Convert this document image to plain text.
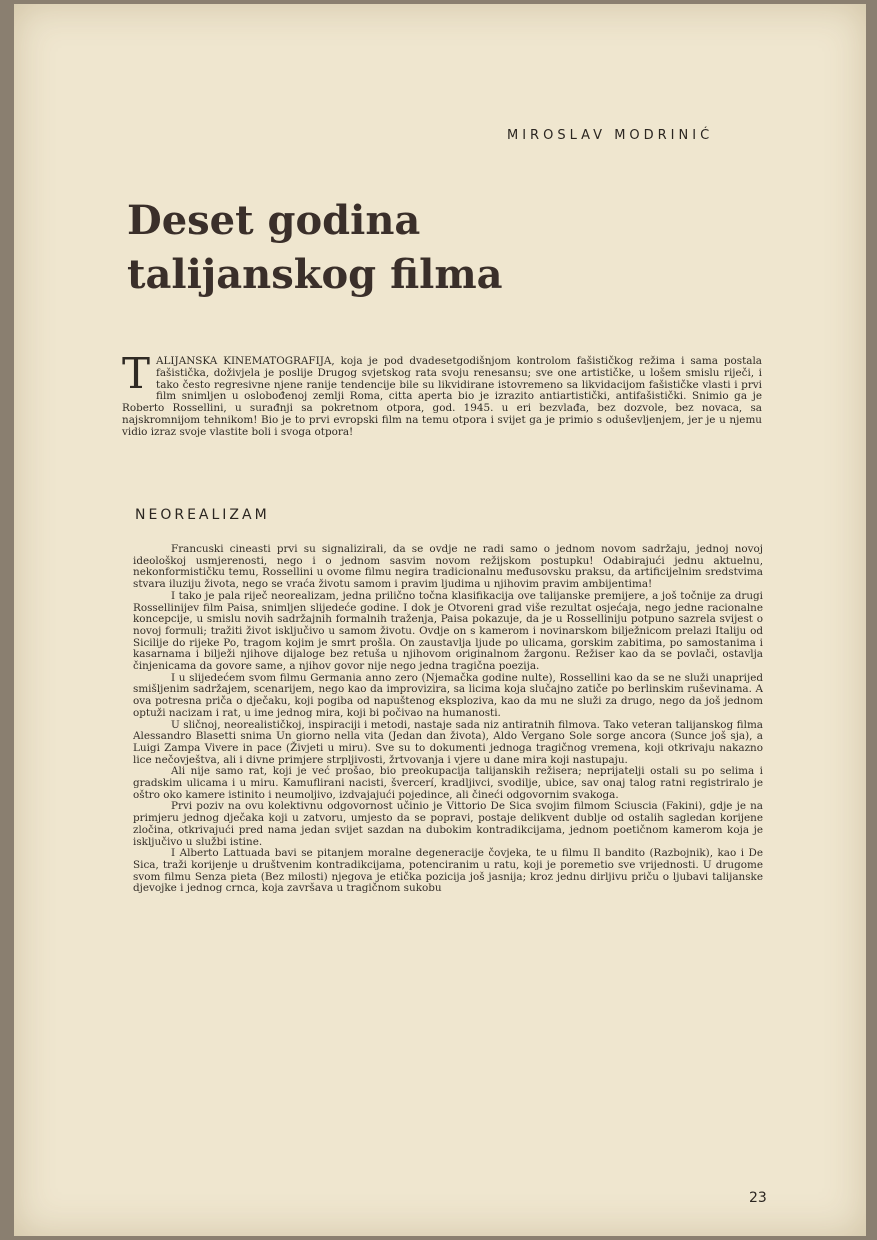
MIROSLAV MODRINIĆ
Deset godina talijanskog filma
T ALIJANSKA KINEMATOGRAFIJA, koja je pod dvadesetgodišnjom kontrolom fašističkog režima i sama postala fašistička, doživjela je poslije Drugog svjetskog rata svoju renesansu; sve one artističke, u lošem smislu riječi, i tako često regresivne njene ranije tendencije bile su likvidirane istovremeno sa likvidacijom fašističke vlasti i prvi film snimljen u oslobođenoj zemlji Roma, citta aperta bio je izrazito antiartistički, antifašistički. Snimio ga je Roberto Rossellini, u surađnji sa pokretnom otpora, god. 1945. u eri bezvlađa, bez dozvole, bez novaca, sa najskromnijom tehnikom! Bio je to prvi evropski film na temu otpora i svijet ga je primio s oduševljenjem, jer je u njemu vidio izraz svoje vlastite boli i svoga otpora!
NEOREALIZAM

Francuski cineasti prvi su signalizirali, da se ovdje ne radi samo o jednom novom sadržaju, jednoj novoj ideološkoj usmjerenosti, nego i o jednom sasvim novom režijskom postupku! Odabirajući jednu aktuelnu, nekonformističku temu, Rossellini u ovome filmu negira tradicionalnu međusovsku praksu, da artificijelnim sredstvima stvara iluziju života, nego se vraća životu samom i pravim ljudima u njihovim pravim ambijentima!

I tako je pala riječ neorealizam, jedna prilično točna klasifikacija ove talijanske premijere, a još točnije za drugi Rossellinijev film Paisa, snimljen slijedeće godine. I dok je Otvoreni grad više rezultat osjećaja, nego jedne racionalne koncepcije, u smislu novih sadržajnih formalnih traženja, Paisa pokazuje, da je u Rosselliniju potpuno sazrela svijest o novoj formuli; tražiti život isključivo u samom životu. Ovdje on s kamerom i novinarskom bilježnicom prelazi Italiju od Sicilije do rijeke Po, tragom kojim je smrt prošla. On zaustavlja ljude po ulicama, gorskim zabitima, po samostanima i kasarnama i bilježi njihove dijaloge bez retuša u njihovom originalnom žargonu. Režiser kao da se povlači, ostavlja činjenicama da govore same, a njihov govor nije nego jedna tragična poezija.

I u slijedećem svom filmu Germania anno zero (Njemačka godine nulte), Rossellini kao da se ne služi unaprijed smišljenim sadržajem, scenarijem, nego kao da improvizira, sa licima koja slučajno zatiče po berlinskim ruševinama. A ova potresna priča o dječaku, koji pogiba od napuštenog eksploziva, kao da mu ne služi za drugo, nego da još jednom optuži nacizam i rat, u ime jednog mira, koji bi počivao na humanosti.

U sličnoj, neorealističkoj, inspiraciji i metodi, nastaje sada niz antiratnih filmova. Tako veteran talijanskog filma Alessandro Blasetti snima Un giorno nella vita (Jedan dan života), Aldo Vergano Sole sorge ancora (Sunce još sja), a Luigi Zampa Vivere in pace (Živjeti u miru). Sve su to dokumenti jednoga tragičnog vremena, koji otkrivaju nakazno lice nečovještva, ali i divne primjere strpljivosti, žrtvovanja i vjere u dane mira koji nastupaju.

Ali nije samo rat, koji je već prošao, bio preokupacija talijanskih režisera; neprijatelji ostali su po selima i gradskim ulicama i u miru. Kamuflirani nacisti, švercerí, kradljivci, svodilje, ubice, sav onaj talog ratni registriralo je oštro oko kamere istinito i neumoljivo, izdvajajući pojedince, ali čineći odgovornim svakoga.

Prvi poziv na ovu kolektivnu odgovornost učinio je Vittorio De Sica svojim filmom Sciuscia (Fakini), gdje je na primjeru jednog dječaka koji u zatvoru, umjesto da se popravi, postaje delikvent dublje od ostalih sagledan korijene zločina, otkrivajući pred nama jedan svijet sazdan na dubokim kontradikcijama, jednom poetičnom kamerom koja je isključivo u službi istine.

I Alberto Lattuada bavi se pitanjem moralne degeneracije čovjeka, te u filmu Il bandito (Razbojnik), kao i De Sica, traži korijenje u društvenim kontradikcijama, potenciranim u ratu, koji je poremetio sve vrijednosti. U drugome svom filmu Senza pieta (Bez milosti) njegova je etička pozicija još jasnija; kroz jednu dirljivu priču o ljubavi talijanske djevojke i jednog crnca, koja završava u tragičnom sukobu

23
